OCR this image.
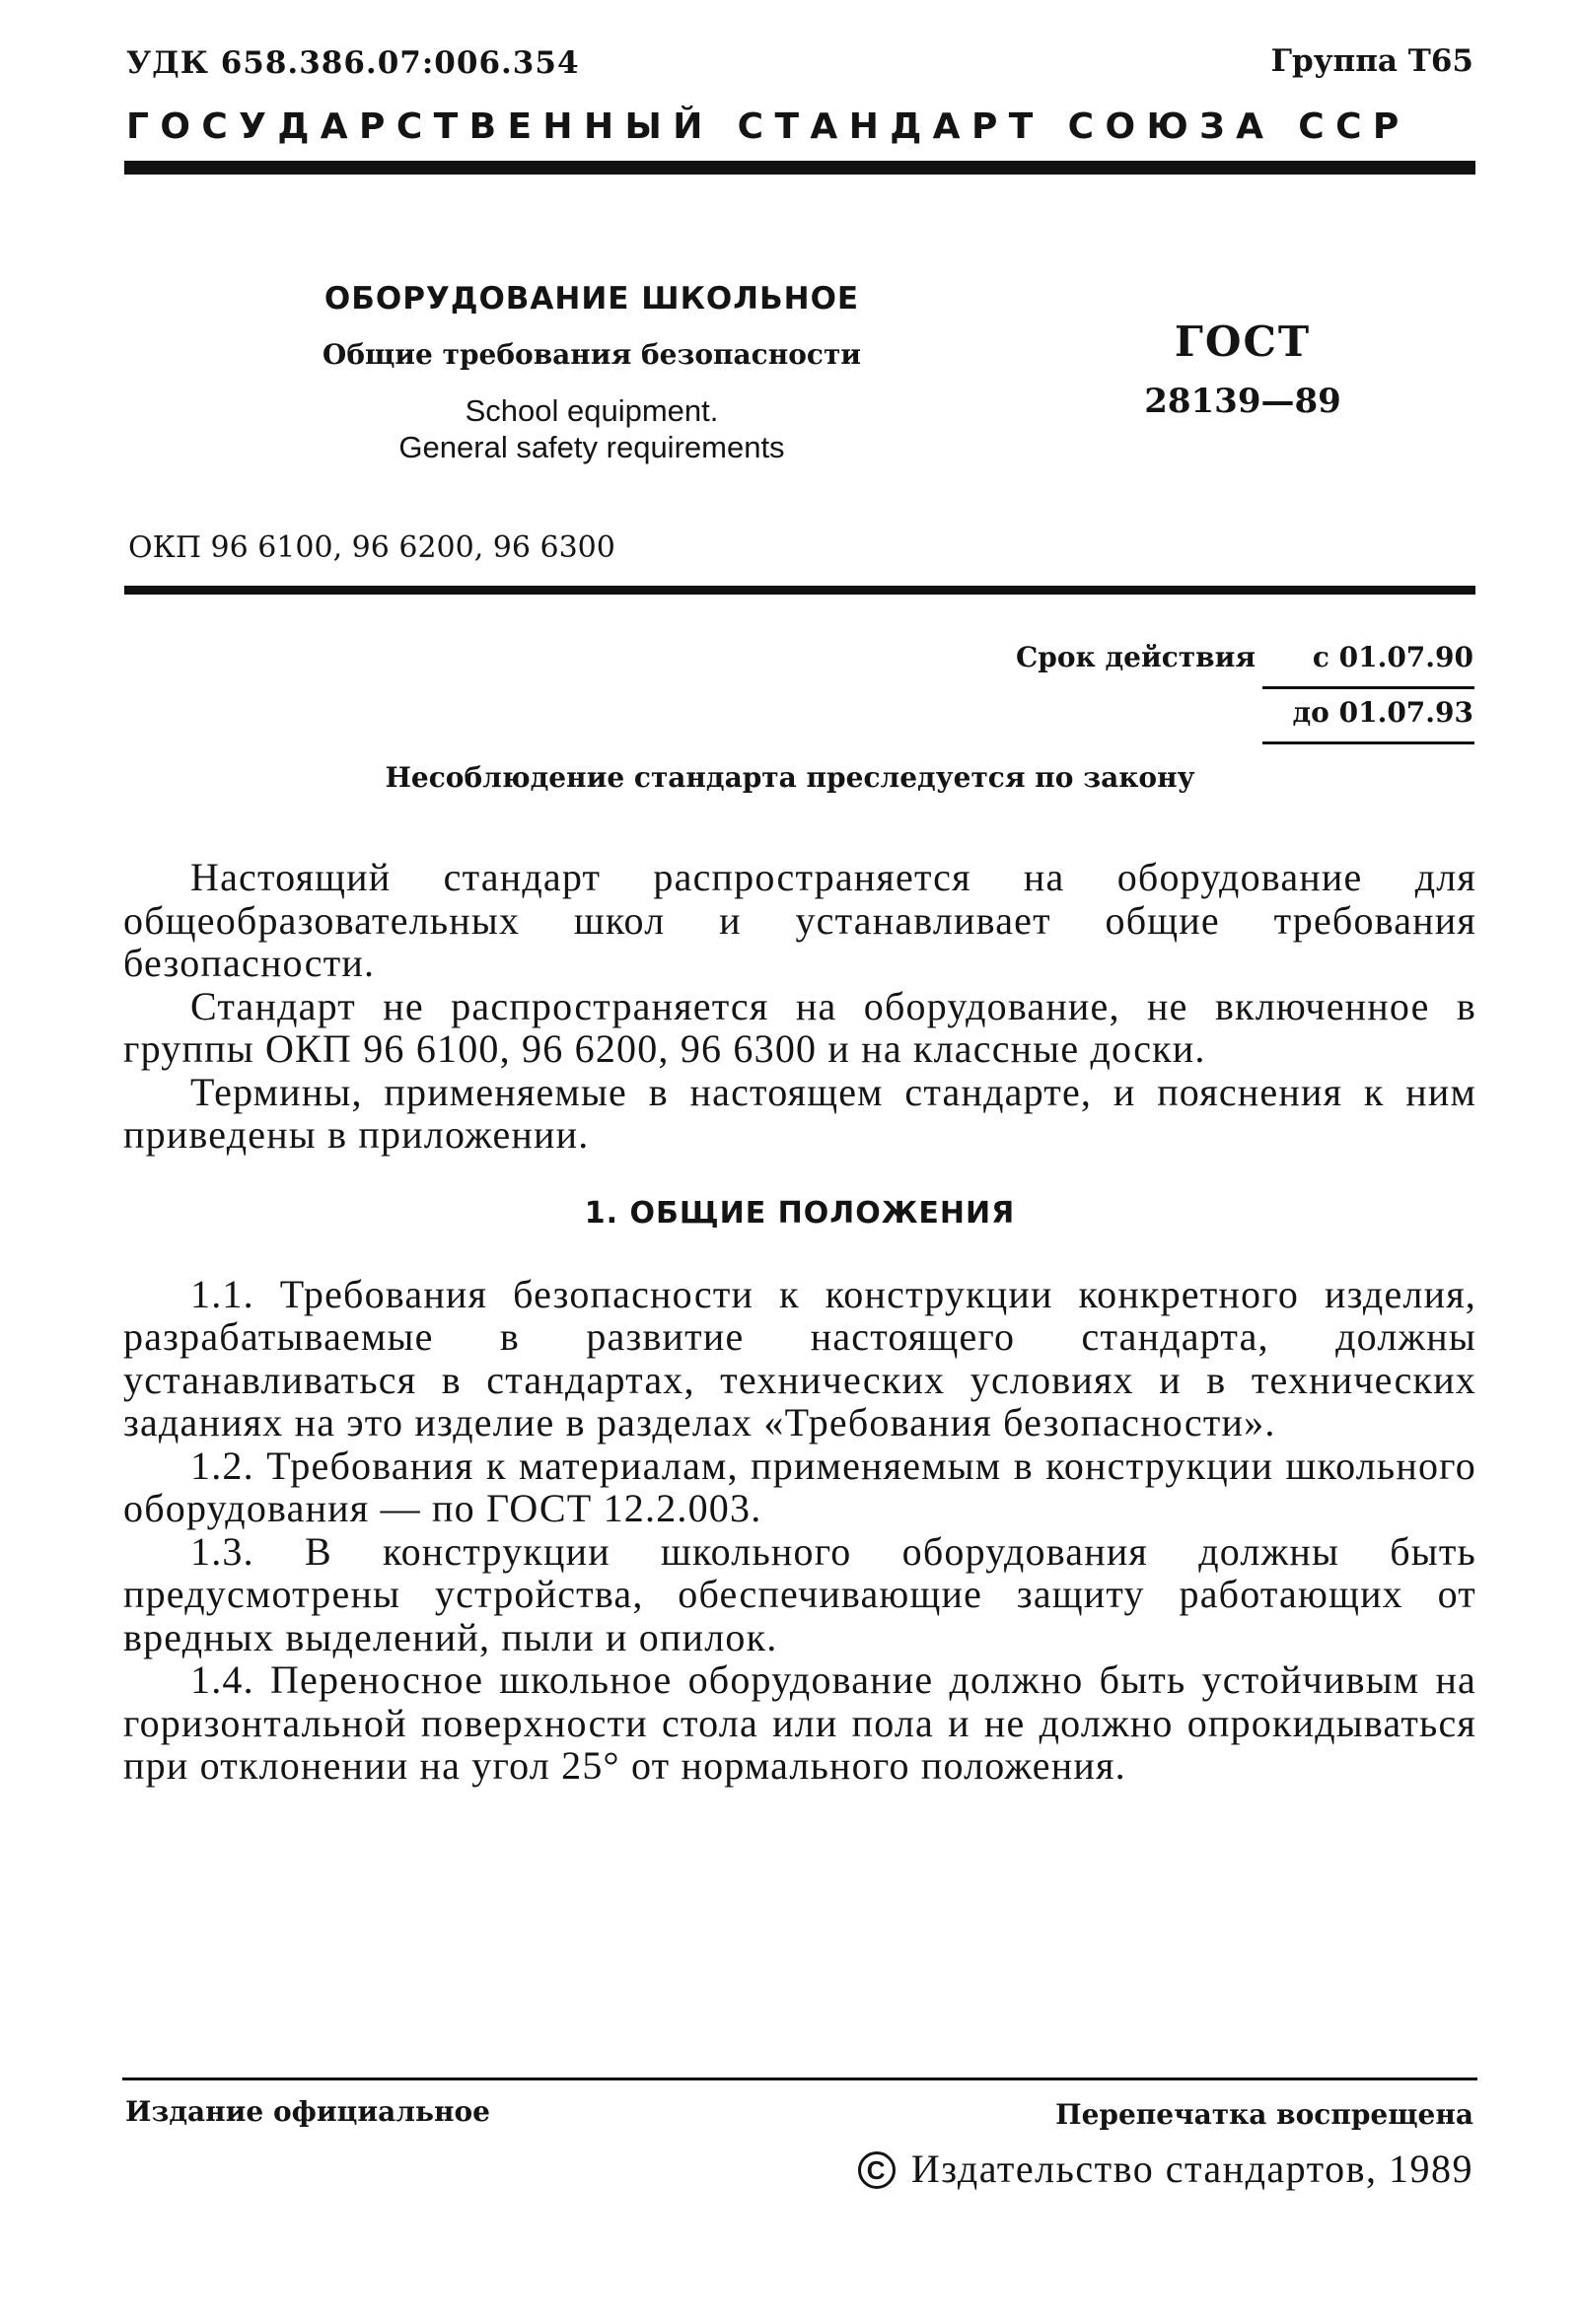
УДК 658.386.07:006.354	Группа Т65
ГОСУДАРСТВЕННЫЙ СТАНДАРТ СОЮЗА ССР
ОБОРУДОВАНИЕ ШКОЛЬНОЕ
Общие требования безопасности
School equipment.
General safety requirements
ГОСТ
28139—89
ОКП 96 6100, 96 6200, 96 6300
Срок действия с 01.07.90
до 01.07.93
Несоблюдение стандарта преследуется по закону

Настоящий стандарт распространяется на оборудование для общеобразовательных школ и устанавливает общие требования безопасности.

Стандарт не распространяется на оборудование, не включенное в группы ОКП 96 6100, 96 6200, 96 6300 и на классные доски.

Термины, применяемые в настоящем стандарте, и пояснения к ним приведены в приложении.

1. ОБЩИЕ ПОЛОЖЕНИЯ

1.1. Требования безопасности к конструкции конкретного изделия, разрабатываемые в развитие настоящего стандарта, должны устанавливаться в стандартах, технических условиях и в технических заданиях на это изделие в разделах «Требования безопасности».

1.2. Требования к материалам, применяемым в конструкции школьного оборудования — по ГОСТ 12.2.003.

1.3. В конструкции школьного оборудования должны быть предусмотрены устройства, обеспечивающие защиту работающих от вредных выделений, пыли и опилок.

1.4. Переносное школьное оборудование должно быть устойчивым на горизонтальной поверхности стола или пола и не должно опрокидываться при отклонении на угол 25° от нормального положения.

Издание официальное	Перепечатка воспрещена
C Издательство стандартов, 1989
